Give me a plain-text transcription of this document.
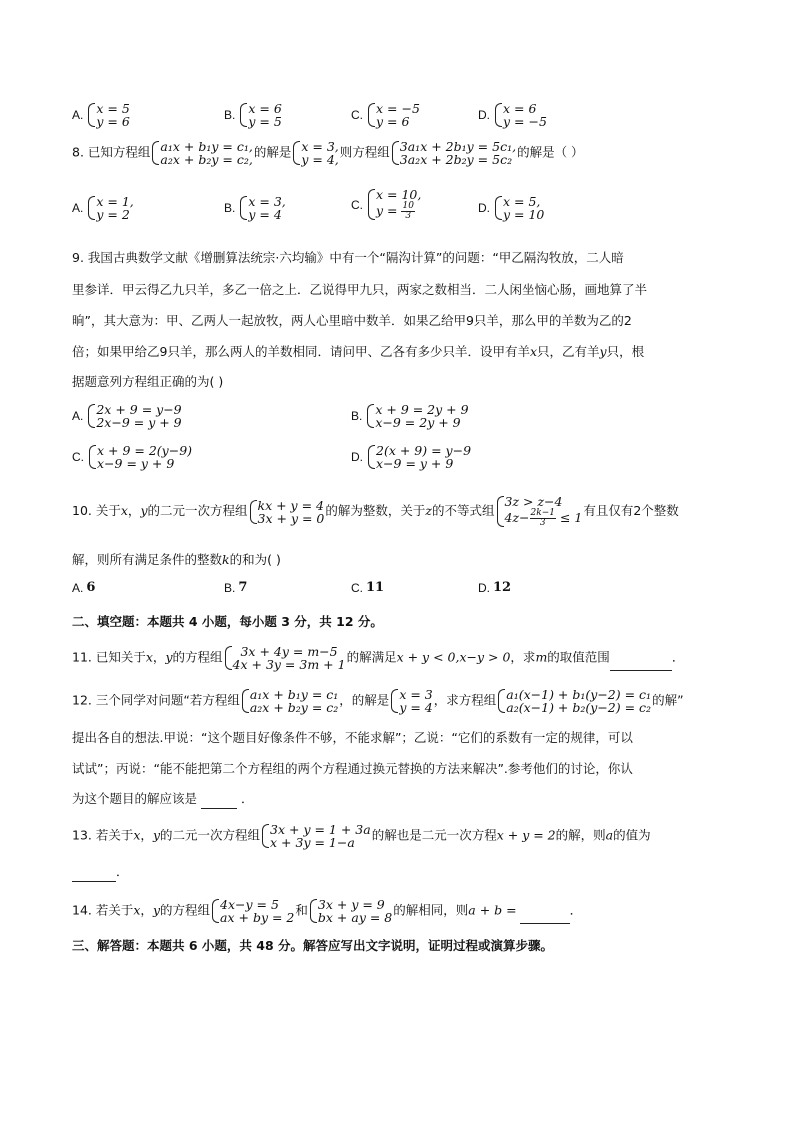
A. x = 5
y = 6	B. x = 6
y = 5	C. x = −5
y = 6	D. x = 6
y = −5
8. 已知方程组 a₁x + b₁y = c₁,
a₂x + b₂y = c₂, 的解是 x = 3,
y = 4, 则方程组 3a₁x + 2b₁y = 5c₁,
3a₂x + 2b₂y = 5c₂ 的解是（ ）
A. x = 1,
y = 2	B. x = 3,
y = 4
C.
x = 10,
$y = \frac{10}{3}$	D. x = 5,
y = 10
9. 我国古典数学文献《增删算法统宗·六均输》中有一个“隔沟计算”的问题：“甲乙隔沟牧放，二人暗
里参详．甲云得乙九只羊，多乙一倍之上．乙说得甲九只，两家之数相当．二人闲坐恼心肠，画地算了半
晌”，其大意为：甲、乙两人一起放牧，两人心里暗中数羊．如果乙给甲9只羊，那么甲的羊数为乙的2
倍；如果甲给乙9只羊，那么两人的羊数相同．请问甲、乙各有多少只羊．设甲有羊x只，乙有羊y只，根
据题意列方程组正确的为( )
A. 2x + 9 = y−9
2x−9 = y + 9	B. x + 9 = 2y + 9
x−9 = 2y + 9
C. x + 9 = 2(y−9)
x−9 = y + 9	D. 2(x + 9) = y−9
x−9 = y + 9
10. 关于x，y的二元一次方程组 kx + y = 4
3x + y = 0 的解为整数，关于z的不等式组
3z > z−4
$4z- \frac{2k-1}{3} \le 1$ 有且仅有2个整数
解，则所有满足条件的整数k的和为( )
A. 6	B. 7	C. 11	D. 12
二、填空题：本题共 4 小题，每小题 3 分，共 12 分。
11. 已知关于x，y的方程组 3x + 4y = m−5
4x + 3y = 3m + 1 的解满足x + y < 0,x−y > 0，求m的取值范围	．
12. 三个同学对问题“若方程组 a₁x + b₁y = c₁
a₂x + b₂y = c₂ ，的解是 x = 3
y = 4 ，求方程组 a₁(x−1) + b₁(y−2) = c₁
a₂(x−1) + b₂(y−2) = c₂ 的解”
提出各自的想法.甲说：“这个题目好像条件不够，不能求解”；乙说：“它们的系数有一定的规律，可以
试试”；丙说：“能不能把第二个方程组的两个方程通过换元替换的方法来解决”.参考他们的讨论，你认
为这个题目的解应该是	．
13. 若关于x，y的二元一次方程组 3x + y = 1 + 3a
x + 3y = 1−a	的解也是二元一次方程x + y = 2的解，则a的值为
．
14. 若关于x，y的方程组 4x−y = 5
ax + by = 2 和 3x + y = 9
bx + ay = 8 的解相同，则a + b =	．
三、解答题：本题共 6 小题，共 48 分。解答应写出文字说明，证明过程或演算步骤。
